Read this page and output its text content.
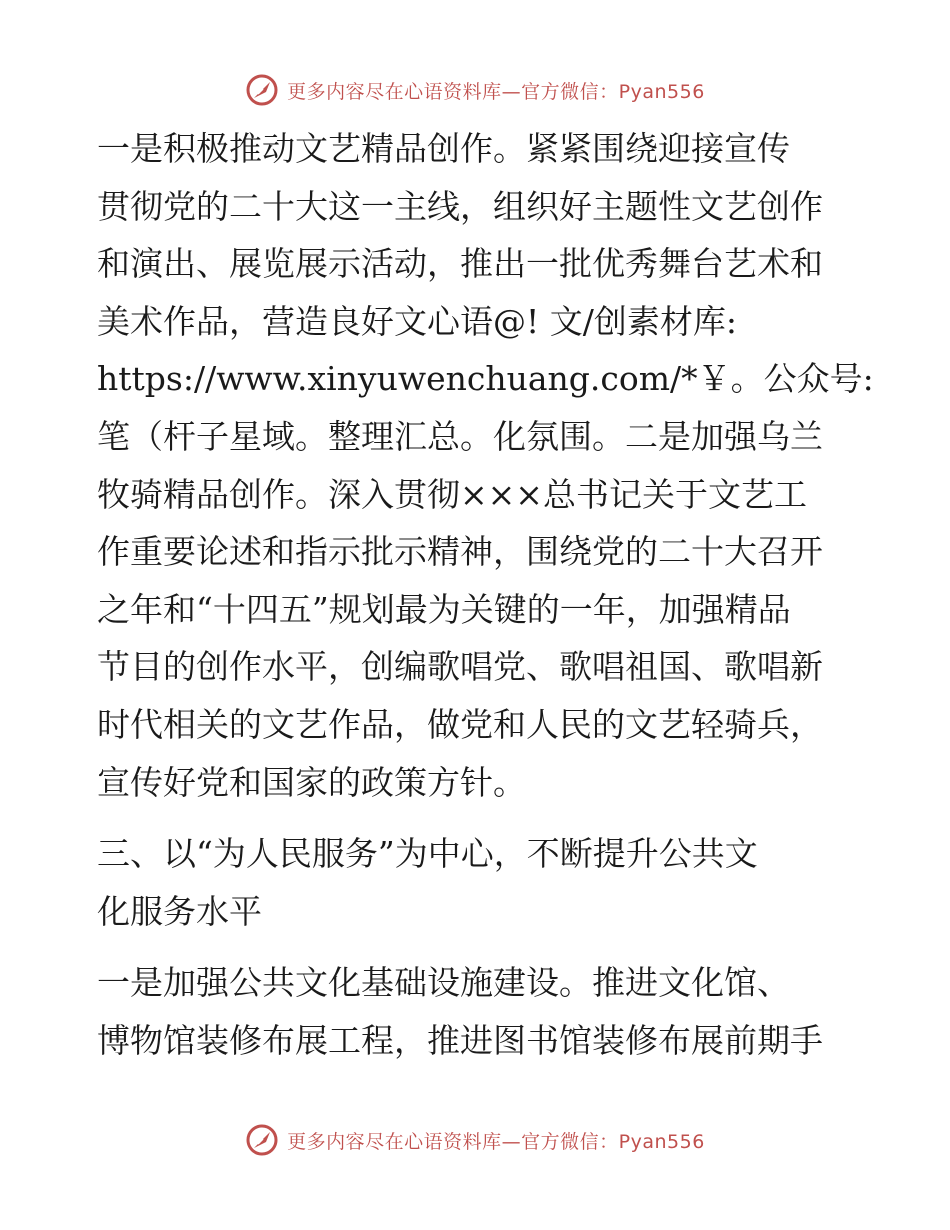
更多内容尽在心语资料库—官方微信：Pyan556

一是积极推动文艺精品创作。紧紧围绕迎接宣传
贯彻党的二十大这一主线，组织好主题性文艺创作
和演出、展览展示活动，推出一批优秀舞台艺术和
美术作品，营造良好文心语@! 文/创素材库:
https://www.xinyuwenchuang.com/*￥。公众号:
笔（杆子星域。整理汇总。化氛围。二是加强乌兰
牧骑精品创作。深入贯彻×××总书记关于文艺工
作重要论述和指示批示精神，围绕党的二十大召开
之年和“十四五”规划最为关键的一年，加强精品
节目的创作水平，创编歌唱党、歌唱祖国、歌唱新
时代相关的文艺作品，做党和人民的文艺轻骑兵，
宣传好党和国家的政策方针。

三、以“为人民服务”为中心，不断提升公共文
化服务水平

一是加强公共文化基础设施建设。推进文化馆、
博物馆装修布展工程，推进图书馆装修布展前期手

更多内容尽在心语资料库—官方微信：Pyan556
